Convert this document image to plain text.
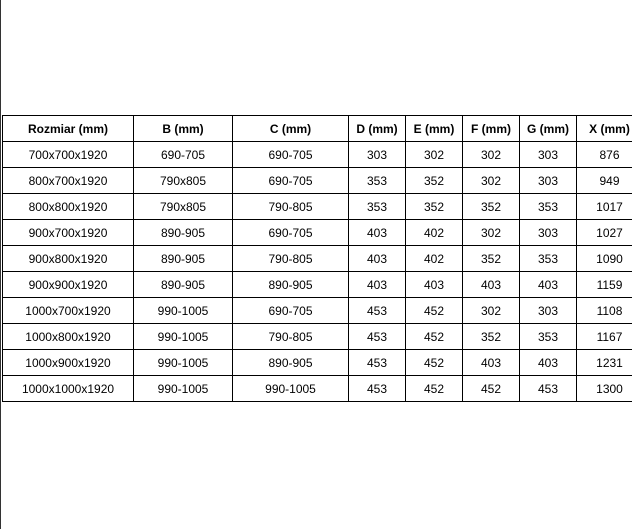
Rozmiar (mm)	B (mm)	C (mm)	D (mm)	E (mm)	F (mm)	G (mm)	X (mm)
700x700x1920	690-705	690-705	303	302	302	303	876
800x700x1920	790x805	690-705	353	352	302	303	949
800x800x1920	790x805	790-805	353	352	352	353	1017
900x700x1920	890-905	690-705	403	402	302	303	1027
900x800x1920	890-905	790-805	403	402	352	353	1090
900x900x1920	890-905	890-905	403	403	403	403	1159
1000x700x1920	990-1005	690-705	453	452	302	303	1108
1000x800x1920	990-1005	790-805	453	452	352	353	1167
1000x900x1920	990-1005	890-905	453	452	403	403	1231
1000x1000x1920	990-1005	990-1005	453	452	452	453	1300
